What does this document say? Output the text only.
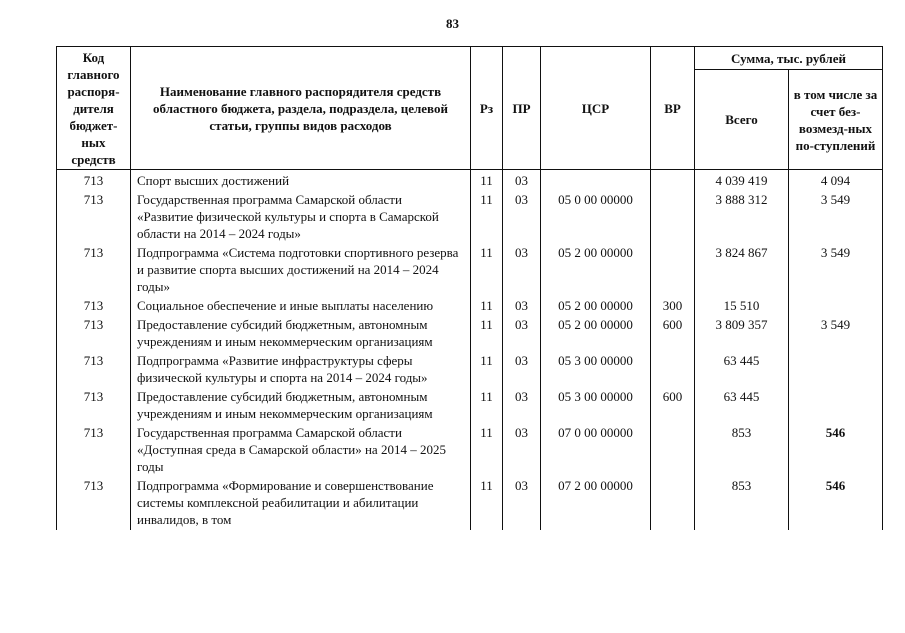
83
Код главного распоря-дителя бюджет-ных средств	Наименование главного распорядителя средств областного бюджета, раздела, подраздела, целевой статьи, группы видов расходов	Рз	ПР	ЦСР	ВР	Сумма, тыс. рублей	
						Всего	в том числе за счет без-возмезд-ных по-ступлений
713	Спорт высших достижений	11	03			4 039 419	4 094
713	Государственная программа Самарской области «Развитие физической культуры и спорта в Самарской области на 2014 – 2024 годы»	11	03	05 0 00 00000		3 888 312	3 549
713	Подпрограмма «Система подготовки спортивного резерва и развитие спорта высших достижений на 2014 – 2024 годы»	11	03	05 2 00 00000		3 824 867	3 549
713	Социальное обеспечение и иные выплаты населению	11	03	05 2 00 00000	300	15 510	
713	Предоставление субсидий бюджетным, автономным учреждениям и иным некоммерческим организациям	11	03	05 2 00 00000	600	3 809 357	3 549
713	Подпрограмма «Развитие инфраструктуры сферы физической культуры и спорта на 2014 – 2024 годы»	11	03	05 3 00 00000		63 445	
713	Предоставление субсидий бюджетным, автономным учреждениям и иным некоммерческим организациям	11	03	05 3 00 00000	600	63 445	
713	Государственная программа Самарской области «Доступная среда в Самарской области» на 2014 – 2025 годы	11	03	07 0 00 00000		853	546
713	Подпрограмма «Формирование и совершенствование системы комплексной реабилитации и абилитации инвалидов, в том	11	03	07 2 00 00000		853	546
